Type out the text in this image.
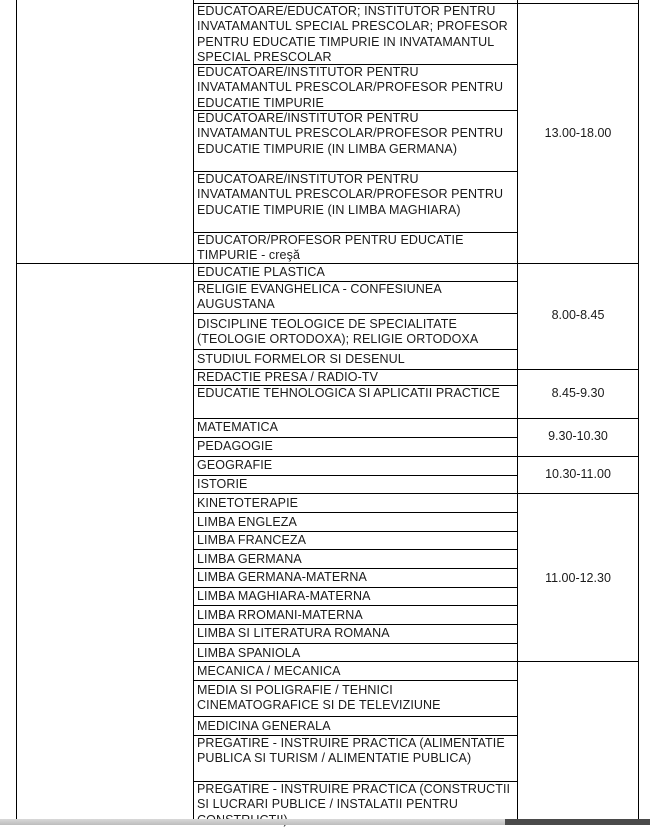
EDUCATOARE/EDUCATOR; INSTITUTOR PENTRU INVATAMANTUL SPECIAL PRESCOLAR; PROFESOR PENTRU EDUCATIE TIMPURIE IN INVATAMANTUL SPECIAL PRESCOLAR
EDUCATOARE/INSTITUTOR PENTRU INVATAMANTUL PRESCOLAR/PROFESOR PENTRU EDUCATIE TIMPURIE
EDUCATOARE/INSTITUTOR PENTRU INVATAMANTUL PRESCOLAR/PROFESOR PENTRU EDUCATIE TIMPURIE (IN LIMBA GERMANA)
EDUCATOARE/INSTITUTOR PENTRU INVATAMANTUL PRESCOLAR/PROFESOR PENTRU EDUCATIE TIMPURIE (IN LIMBA MAGHIARA)
EDUCATOR/PROFESOR PENTRU EDUCATIE TIMPURIE - creşă
13.00-18.00
EDUCATIE PLASTICA
RELIGIE EVANGHELICA - CONFESIUNEA AUGUSTANA
DISCIPLINE TEOLOGICE DE SPECIALITATE (TEOLOGIE ORTODOXA); RELIGIE ORTODOXA
STUDIUL FORMELOR SI DESENUL
8.00-8.45
REDACTIE PRESA / RADIO-TV
EDUCATIE TEHNOLOGICA SI APLICATII PRACTICE	8.45-9.30
MATEMATICA
PEDAGOGIE
9.30-10.30
GEOGRAFIE
ISTORIE
10.30-11.00
KINETOTERAPIE
LIMBA ENGLEZA
LIMBA FRANCEZA
LIMBA GERMANA
LIMBA GERMANA-MATERNA
LIMBA MAGHIARA-MATERNA
LIMBA RROMANI-MATERNA
LIMBA SI LITERATURA ROMANA
LIMBA SPANIOLA
11.00-12.30
MECANICA / MECANICA
MEDIA SI POLIGRAFIE / TEHNICI CINEMATOGRAFICE SI DE TELEVIZIUNE
MEDICINA GENERALA
PREGATIRE - INSTRUIRE PRACTICA (ALIMENTATIE PUBLICA SI TURISM / ALIMENTATIE PUBLICA)
PREGATIRE - INSTRUIRE PRACTICA (CONSTRUCTII SI LUCRARI PUBLICE / INSTALATII PENTRU
